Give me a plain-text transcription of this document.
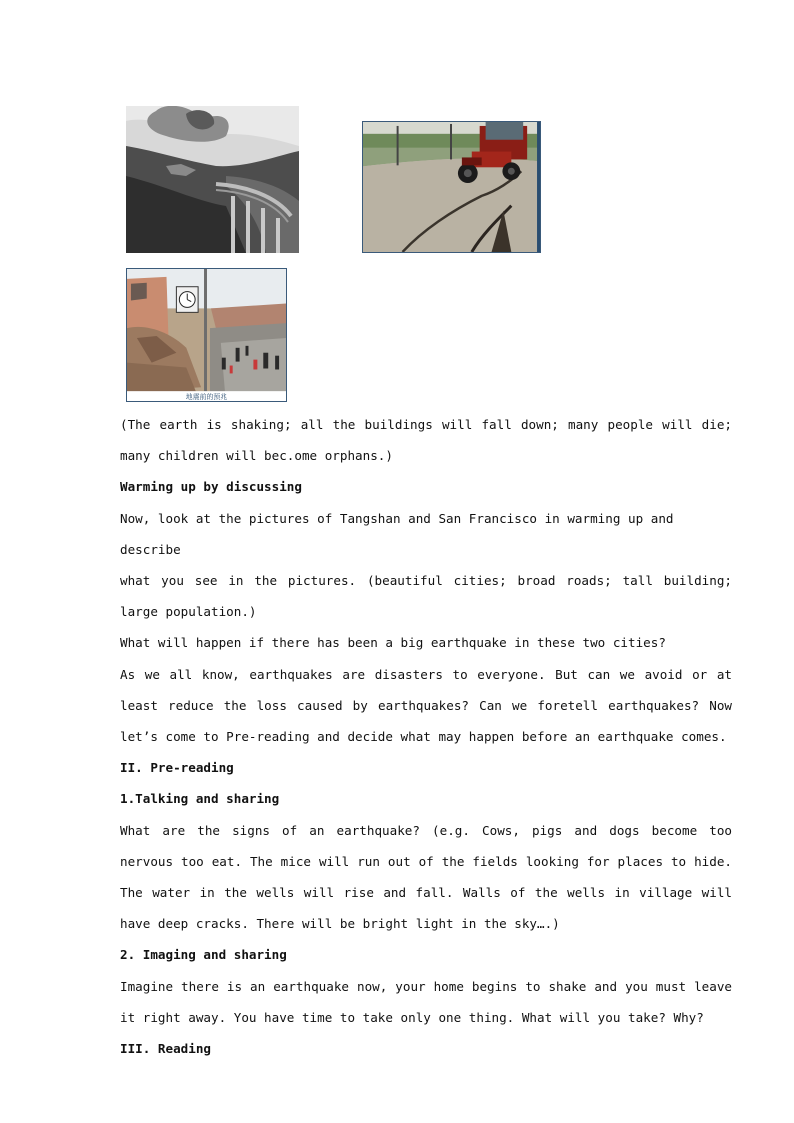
地震前的预兆

(The earth is shaking; all the buildings will fall down; many people will die; many children will bec.ome orphans.)

Warming up by discussing

Now, look at the pictures of Tangshan and San Francisco in warming up and describe

what you see in the pictures. (beautiful cities; broad roads; tall building; large population.)

What will happen if there has been a big earthquake in these two cities?

As we all know, earthquakes are disasters to everyone. But can we avoid or at least reduce the loss caused by earthquakes? Can we foretell earthquakes? Now let’s come to Pre-reading and decide what may happen before an earthquake comes.

II. Pre-reading

1.Talking and sharing

What are the signs of an earthquake? (e.g. Cows, pigs and dogs become too nervous too eat. The mice will run out of the fields looking for places to hide. The water in the wells will rise and fall. Walls of the wells in village will have deep cracks. There will be bright light in the sky….)

2. Imaging and sharing

Imagine there is an earthquake now, your home begins to shake and you must leave it right away. You have time to take only one thing. What will you take? Why?

III. Reading
